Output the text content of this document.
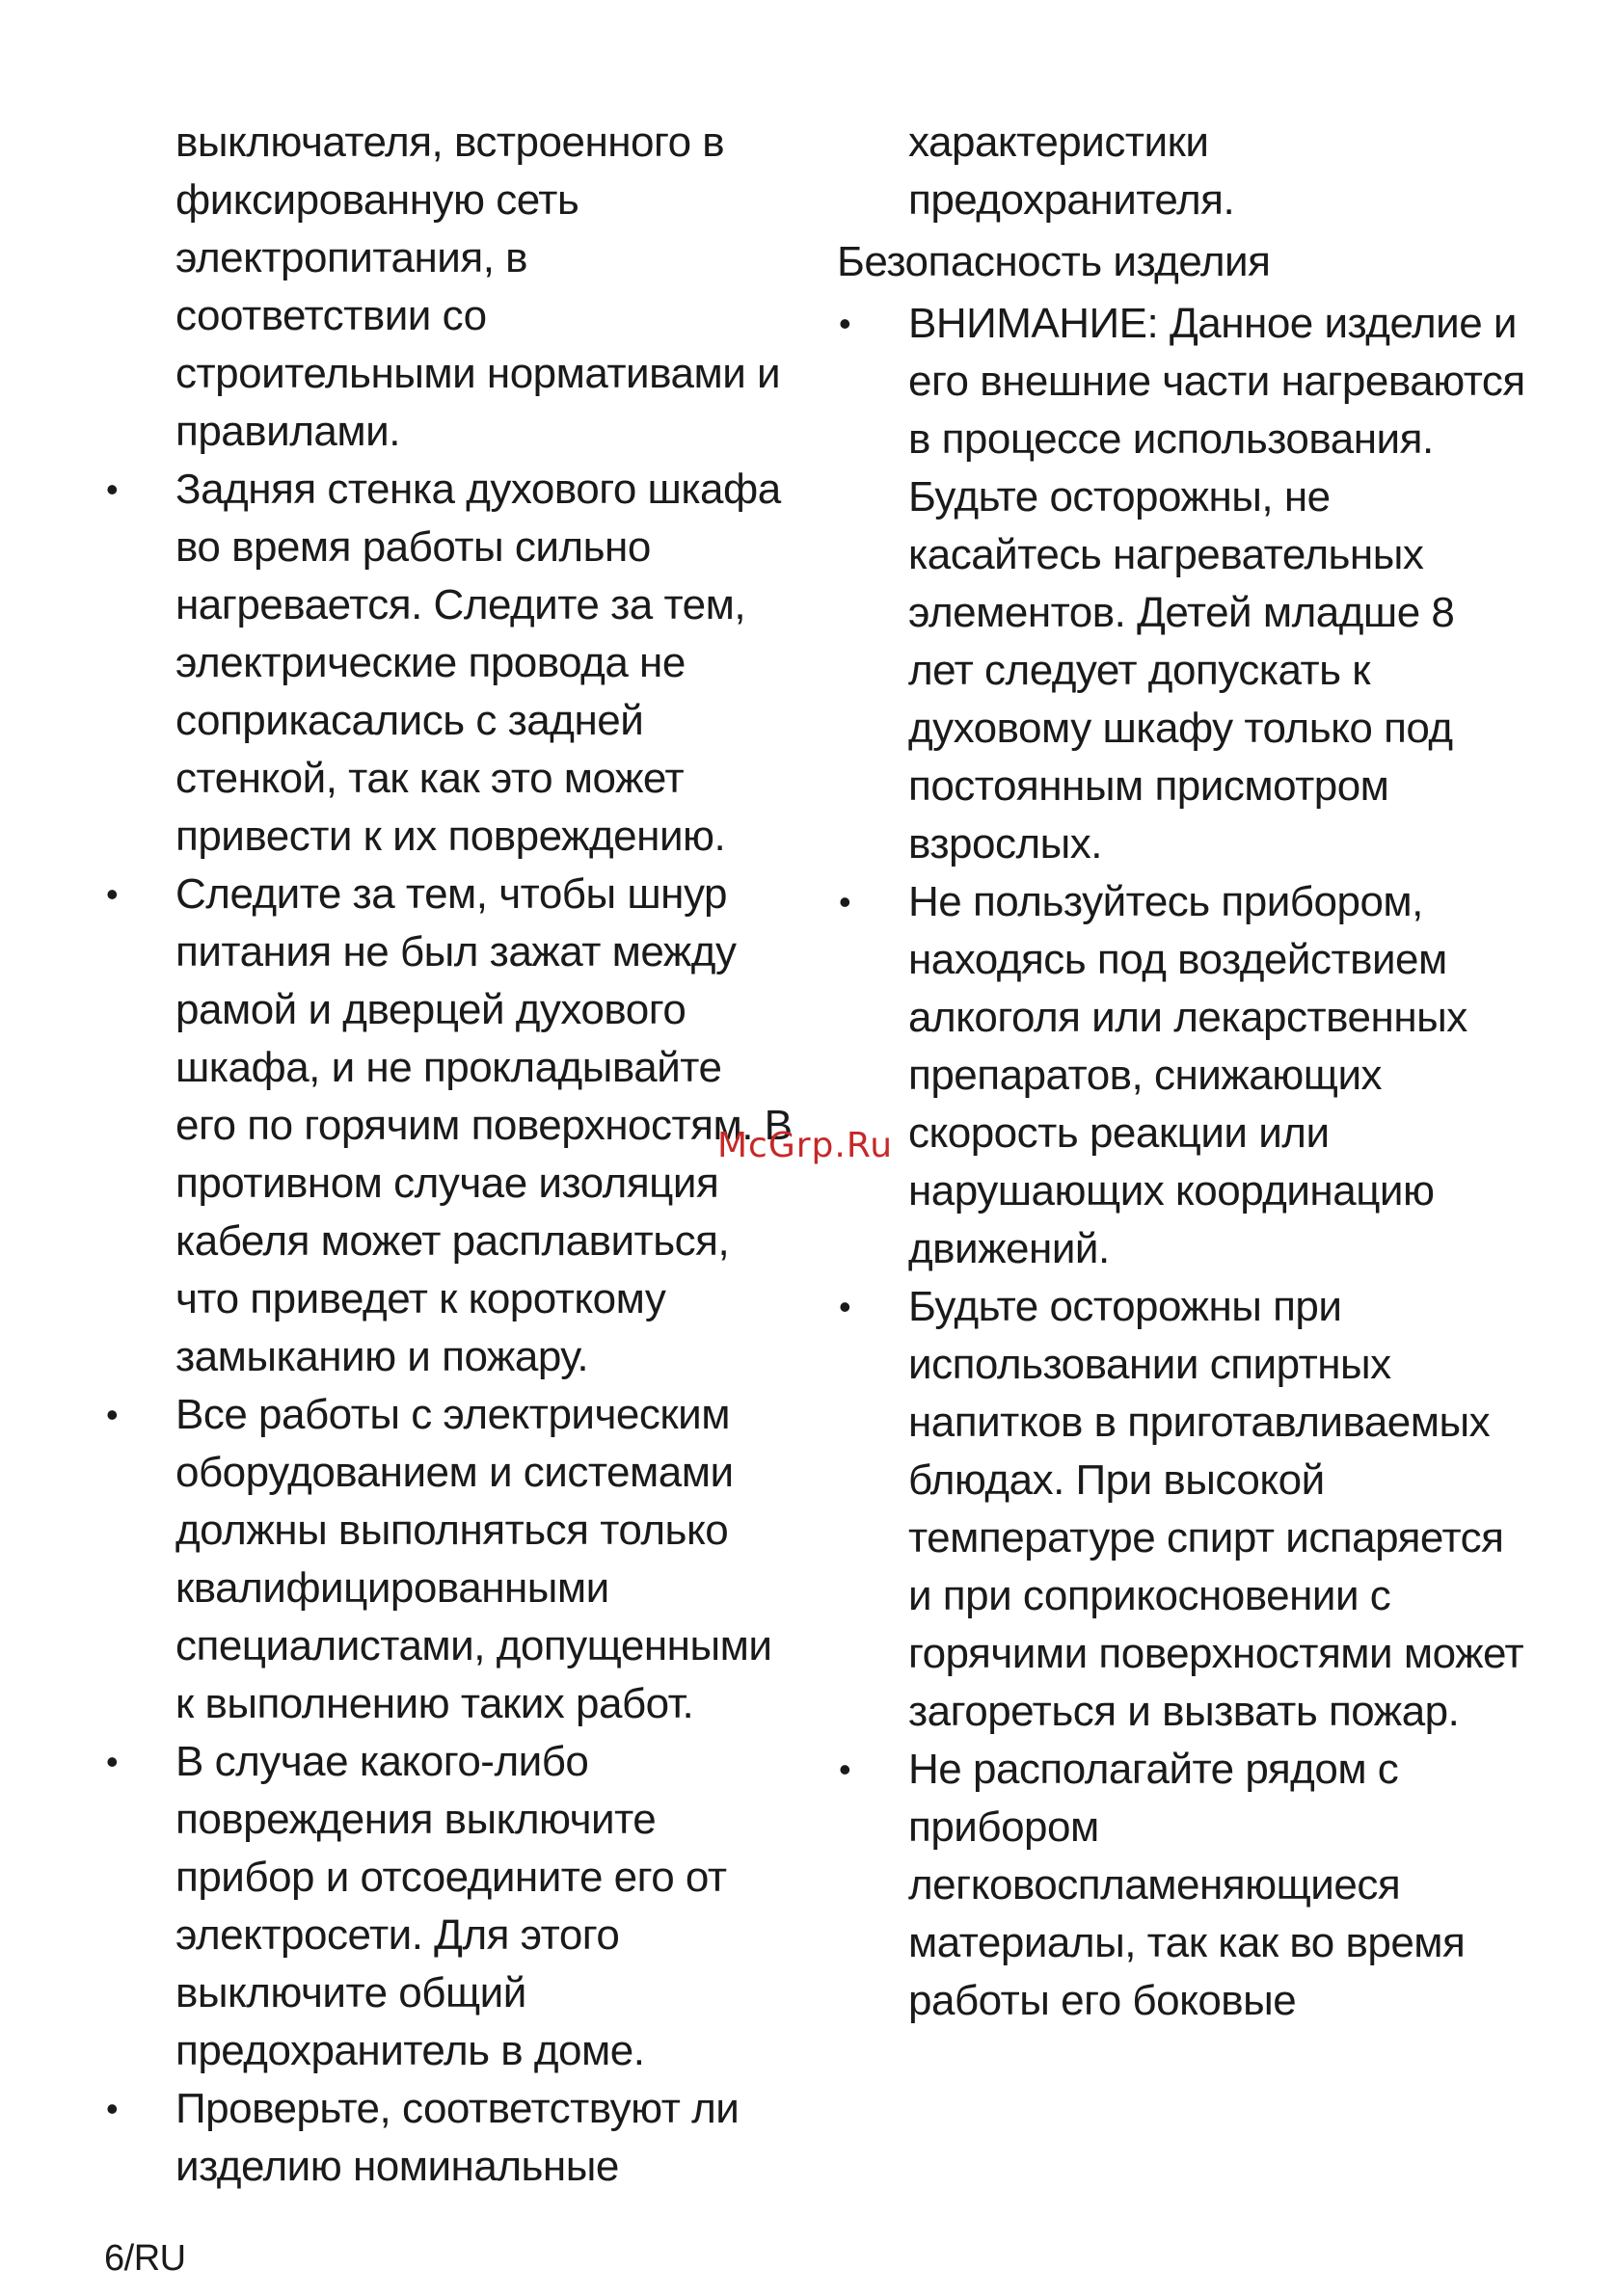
выключателя, встроенного в фиксированную сеть электропитания, в соответствии со строительными нормативами и правилами.

• Задняя стенка духового шкафа во время работы сильно нагревается. Следите за тем, электрические провода не соприкасались с задней стенкой, так как это может привести к их повреждению.

• Следите за тем, чтобы шнур питания не был зажат между рамой и дверцей духового шкафа, и не прокладывайте его по горячим поверхностям. В противном случае изоляция кабеля может расплавиться, что приведет к короткому замыканию и пожару.

• Все работы с электрическим оборудованием и системами должны выполняться только квалифицированными специалистами, допущенными к выполнению таких работ.

• В случае какого-либо повреждения выключите прибор и отсоедините его от электросети. Для этого выключите общий предохранитель в доме.

• Проверьте, соответствуют ли изделию номинальные

характеристики предохранителя.

Безопасность изделия

• ВНИМАНИЕ: Данное изделие и его внешние части нагреваются в процессе использования. Будьте осторожны, не касайтесь нагревательных элементов. Детей младше 8 лет следует допускать к духовому шкафу только под постоянным присмотром взрослых.

• Не пользуйтесь прибором, находясь под воздействием алкоголя или лекарственных препаратов, снижающих скорость реакции или нарушающих координацию движений.

• Будьте осторожны при использовании спиртных напитков в приготавливаемых блюдах. При высокой температуре спирт испаряется и при соприкосновении с горячими поверхностями может загореться и вызвать пожар.

• Не располагайте рядом с прибором легковоспламеняющиеся материалы, так как во время работы его боковые

McGrp.Ru
6/RU
